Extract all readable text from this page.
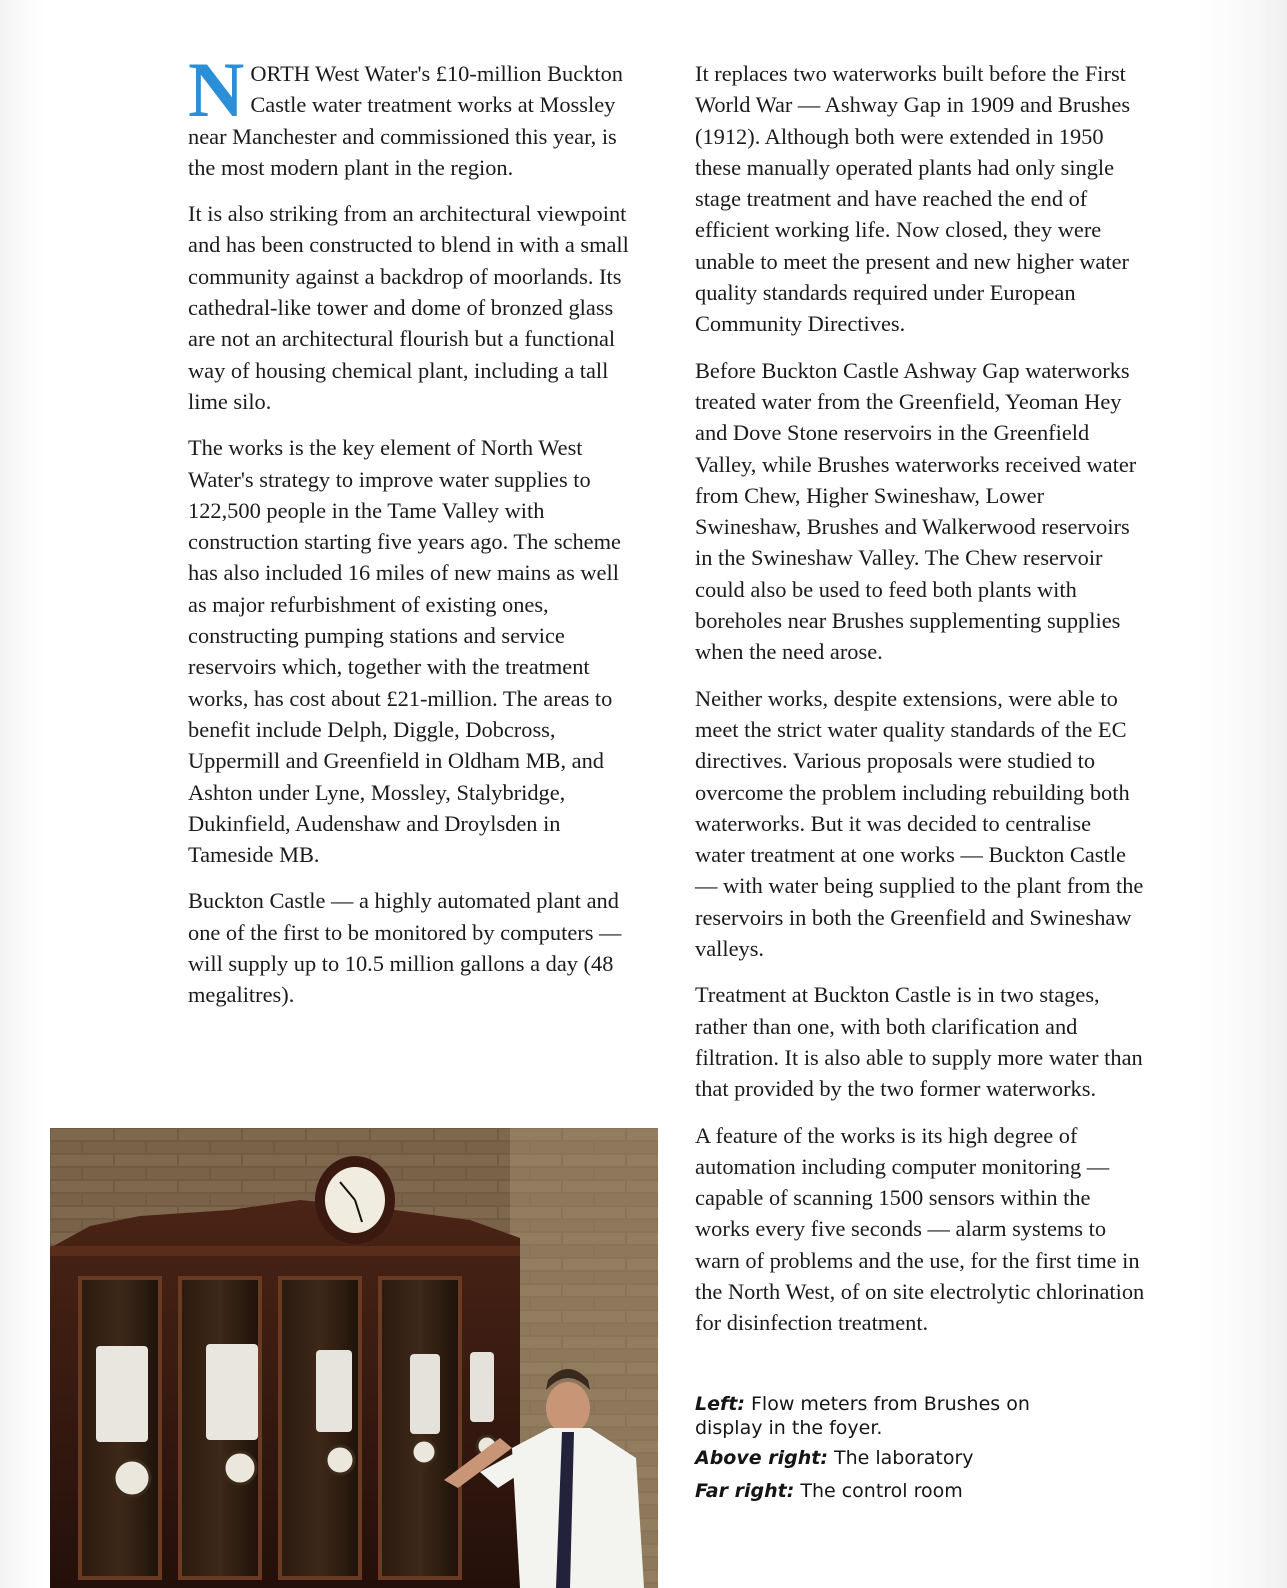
NORTH West Water's £10-million Buckton Castle water treatment works at Mossley near Manchester and commissioned this year, is the most modern plant in the region.

It is also striking from an architectural viewpoint and has been constructed to blend in with a small community against a backdrop of moorlands. Its cathedral-like tower and dome of bronzed glass are not an architectural flourish but a functional way of housing chemical plant, including a tall lime silo.

The works is the key element of North West Water's strategy to improve water supplies to 122,500 people in the Tame Valley with construction starting five years ago. The scheme has also included 16 miles of new mains as well as major refurbishment of existing ones, constructing pumping stations and service reservoirs which, together with the treatment works, has cost about £21-million. The areas to benefit include Delph, Diggle, Dobcross, Uppermill and Greenfield in Oldham MB, and Ashton under Lyne, Mossley, Stalybridge, Dukinfield, Audenshaw and Droylsden in Tameside MB.

Buckton Castle — a highly automated plant and one of the first to be monitored by computers — will supply up to 10.5 million gallons a day (48 megalitres).

It replaces two waterworks built before the First World War — Ashway Gap in 1909 and Brushes (1912). Although both were extended in 1950 these manually operated plants had only single stage treatment and have reached the end of efficient working life. Now closed, they were unable to meet the present and new higher water quality standards required under European Community Directives.

Before Buckton Castle Ashway Gap waterworks treated water from the Greenfield, Yeoman Hey and Dove Stone reservoirs in the Greenfield Valley, while Brushes waterworks received water from Chew, Higher Swineshaw, Lower Swineshaw, Brushes and Walkerwood reservoirs in the Swineshaw Valley. The Chew reservoir could also be used to feed both plants with boreholes near Brushes supplementing supplies when the need arose.

Neither works, despite extensions, were able to meet the strict water quality standards of the EC directives. Various proposals were studied to overcome the problem including rebuilding both waterworks. But it was decided to centralise water treatment at one works — Buckton Castle — with water being supplied to the plant from the reservoirs in both the Greenfield and Swineshaw valleys.

Treatment at Buckton Castle is in two stages, rather than one, with both clarification and filtration. It is also able to supply more water than that provided by the two former waterworks.

A feature of the works is its high degree of automation including computer monitoring — capable of scanning 1500 sensors within the works every five seconds — alarm systems to warn of problems and the use, for the first time in the North West, of on site electrolytic chlorination for disinfection treatment.

Left: Flow meters from Brushes on display in the foyer.
Above right: The laboratory
Far right: The control room
